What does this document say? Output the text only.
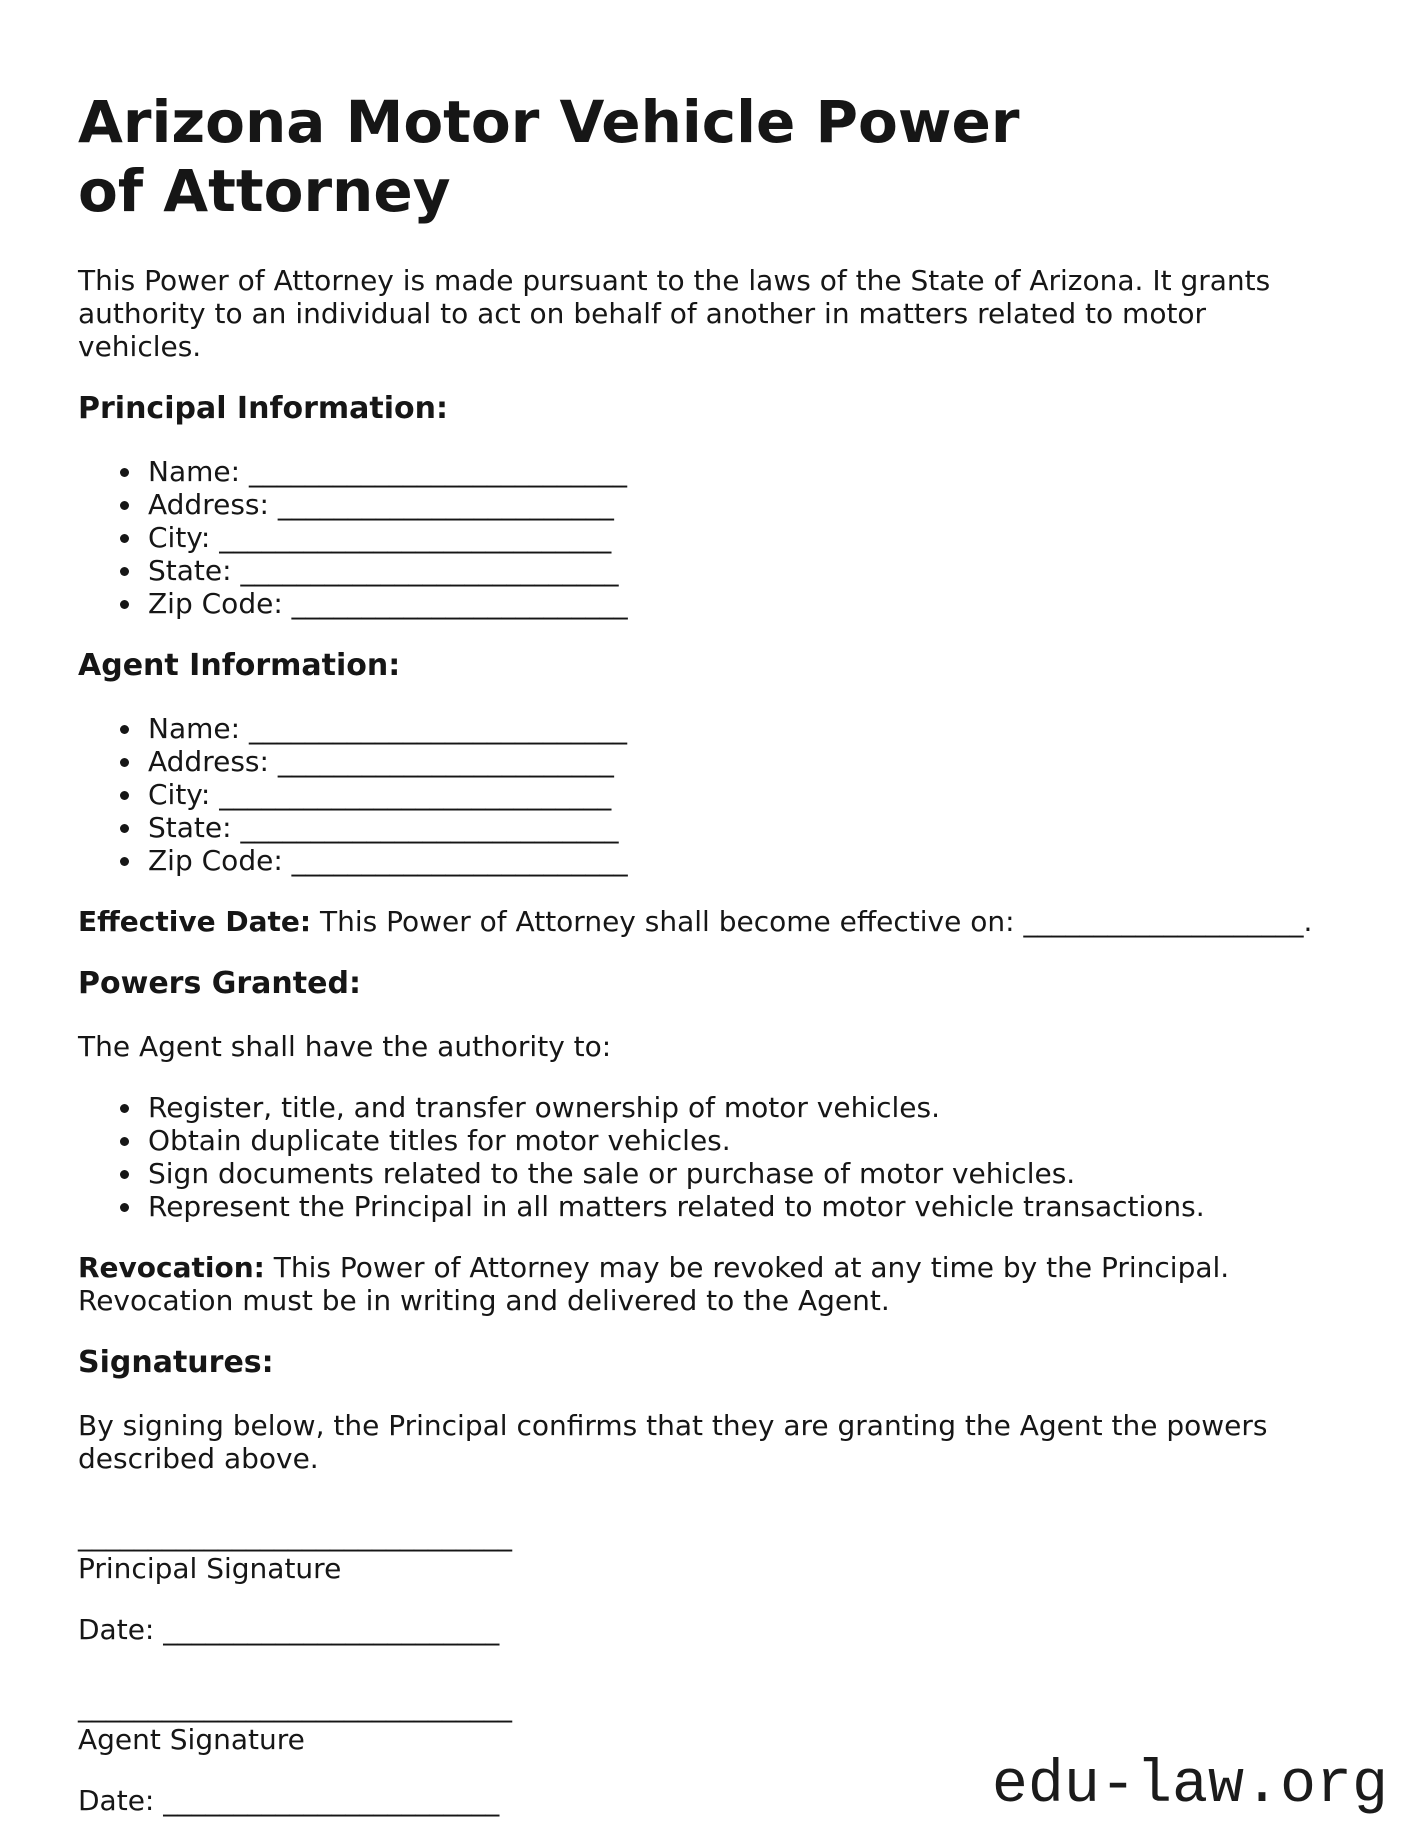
Arizona Motor Vehicle Power of Attorney

This Power of Attorney is made pursuant to the laws of the State of Arizona. It grants authority to an individual to act on behalf of another in matters related to motor vehicles.

Principal Information:

• Name: ___________________________
• Address: ________________________
• City: ____________________________
• State: ___________________________
• Zip Code: ________________________

Agent Information:

• Name: ___________________________
• Address: ________________________
• City: ____________________________
• State: ___________________________
• Zip Code: ________________________

Effective Date: This Power of Attorney shall become effective on: ____________________.

Powers Granted:

The Agent shall have the authority to:

• Register, title, and transfer ownership of motor vehicles.
• Obtain duplicate titles for motor vehicles.
• Sign documents related to the sale or purchase of motor vehicles.
• Represent the Principal in all matters related to motor vehicle transactions.

Revocation: This Power of Attorney may be revoked at any time by the Principal. Revocation must be in writing and delivered to the Agent.

Signatures:

By signing below, the Principal confirms that they are granting the Agent the powers described above.

_______________________________

Principal Signature

Date: ________________________

_______________________________

Agent Signature

Date: ________________________	edu-law.org
